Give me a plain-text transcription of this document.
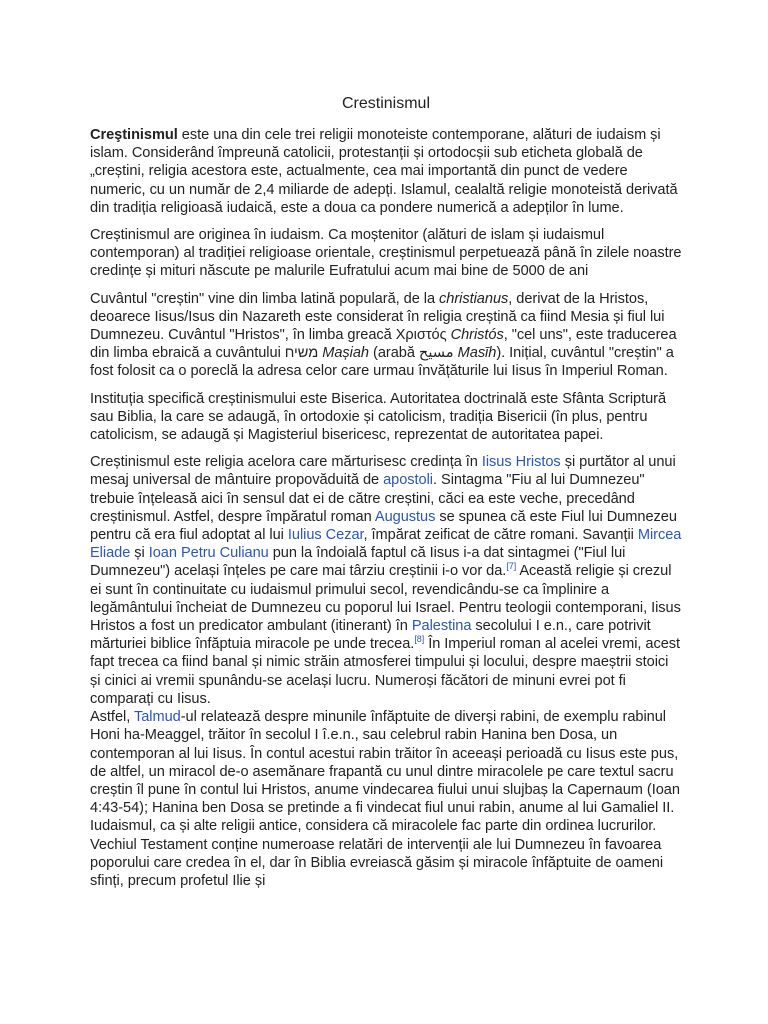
Crestinismul

Creştinismul este una din cele trei religii monoteiste contemporane, alături de iudaism și islam. Considerând împreună catolicii, protestanții și ortodocșii sub eticheta globală de „creștini, religia acestora este, actualmente, cea mai importantă din punct de vedere numeric, cu un număr de 2,4 miliarde de adepți. Islamul, cealaltă religie monoteistă derivată din tradiția religioasă iudaică, este a doua ca pondere numerică a adepților în lume.

Creștinismul are originea în iudaism. Ca moștenitor (alături de islam și iudaismul contemporan) al tradiției religioase orientale, creștinismul perpetuează până în zilele noastre credințe și mituri născute pe malurile Eufratului acum mai bine de 5000 de ani

Cuvântul "creștin" vine din limba latină populară, de la christianus, derivat de la Hristos, deoarece Iisus/Isus din Nazareth este considerat în religia creștină ca fiind Mesia și fiul lui Dumnezeu. Cuvântul "Hristos", în limba greacă Χριστός Christós, "cel uns", este traducerea din limba ebraică a cuvântului משיח Mașiah (arabă مسيح Masīh). Inițial, cuvântul "creștin" a fost folosit ca o poreclă la adresa celor care urmau învățăturile lui Iisus în Imperiul Roman.

Instituția specifică creștinismului este Biserica. Autoritatea doctrinală este Sfânta Scriptură sau Biblia, la care se adaugă, în ortodoxie și catolicism, tradiția Bisericii (în plus, pentru catolicism, se adaugă și Magisteriul bisericesc, reprezentat de autoritatea papei.

Creștinismul este religia acelora care mărturisesc credința în Iisus Hristos și purtător al unui mesaj universal de mântuire propovăduită de apostoli. Sintagma "Fiu al lui Dumnezeu" trebuie înțeleasă aici în sensul dat ei de către creștini, căci ea este veche, precedând creștinismul. Astfel, despre împăratul roman Augustus se spunea că este Fiul lui Dumnezeu pentru că era fiul adoptat al lui Iulius Cezar, împărat zeificat de către romani. Savanții Mircea Eliade și Ioan Petru Culianu pun la îndoială faptul că Iisus i-a dat sintagmei ("Fiul lui Dumnezeu") același înțeles pe care mai târziu creștinii i-o vor da.[7] Această religie și crezul ei sunt în continuitate cu iudaismul primului secol, revendicându-se ca împlinire a legământului încheiat de Dumnezeu cu poporul lui Israel. Pentru teologii contemporani, Iisus Hristos a fost un predicator ambulant (itinerant) în Palestina secolului I e.n., care potrivit mărturiei biblice înfăptuia miracole pe unde trecea.[8] În Imperiul roman al acelei vremi, acest fapt trecea ca fiind banal și nimic străin atmosferei timpului și locului, despre maeștrii stoici și cinici ai vremii spunându-se același lucru. Numeroși făcători de minuni evrei pot fi comparați cu Iisus.

Astfel, Talmud-ul relatează despre minunile înfăptuite de diverși rabini, de exemplu rabinul Honi ha-Meaggel, trăitor în secolul I î.e.n., sau celebrul rabin Hanina ben Dosa, un contemporan al lui Iisus. În contul acestui rabin trăitor în aceeași perioadă cu Iisus este pus, de altfel, un miracol de-o asemănare frapantă cu unul dintre miracolele pe care textul sacru creștin îl pune în contul lui Hristos, anume vindecarea fiului unui slujbaș la Capernaum (Ioan 4:43-54); Hanina ben Dosa se pretinde a fi vindecat fiul unui rabin, anume al lui Gamaliel II. Iudaismul, ca și alte religii antice, considera că miracolele fac parte din ordinea lucrurilor. Vechiul Testament conține numeroase relatări de intervenții ale lui Dumnezeu în favoarea poporului care credea în el, dar în Biblia evreiască găsim și miracole înfăptuite de oameni sfinți, precum profetul Ilie și
